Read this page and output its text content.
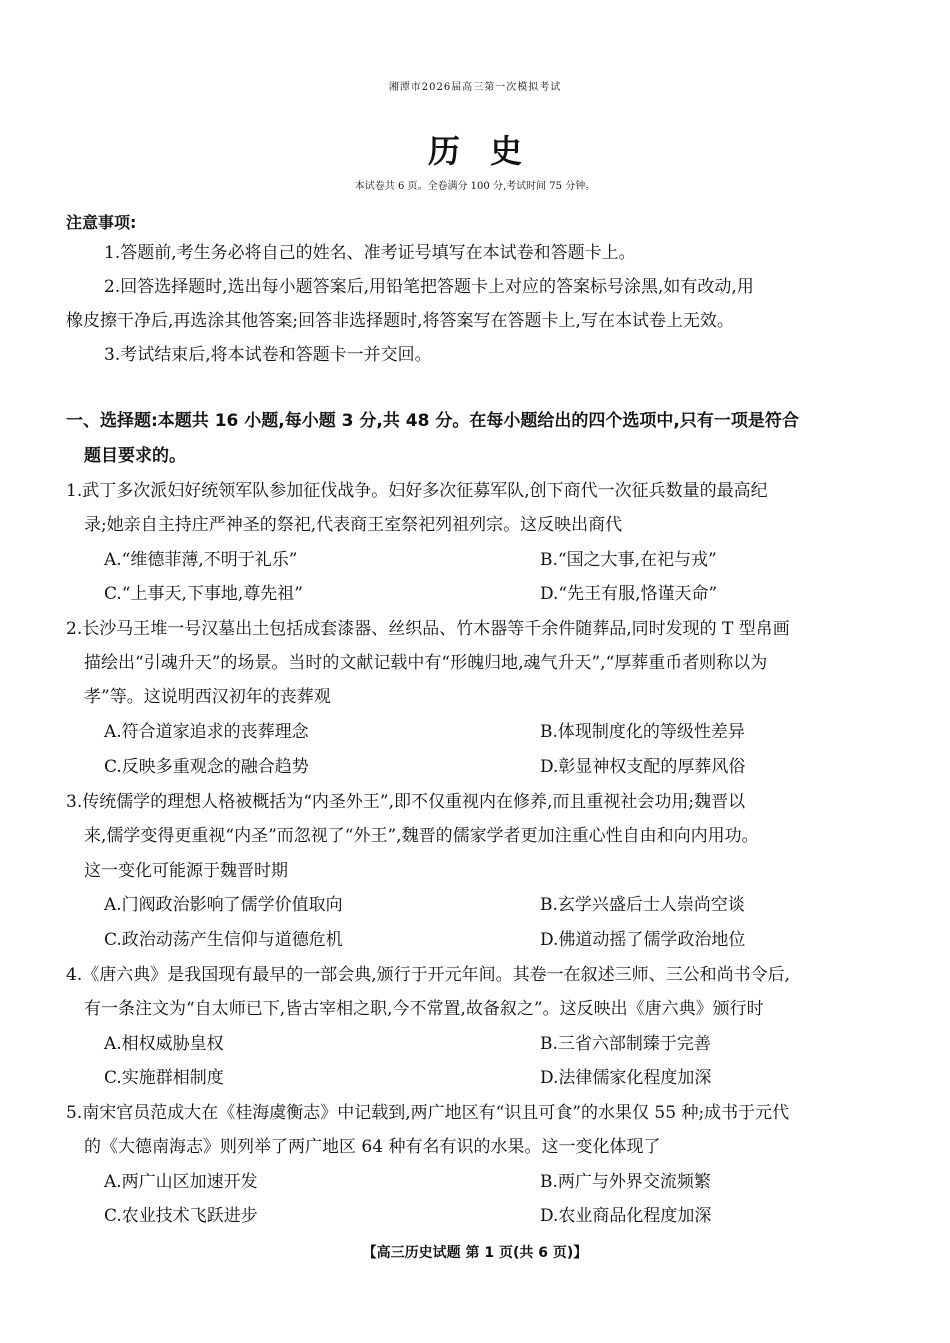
湘潭市2026届高三第一次模拟考试
历史
本试卷共 6 页。全卷满分 100 分,考试时间 75 分钟。
注意事项:
1.答题前,考生务必将自己的姓名、准考证号填写在本试卷和答题卡上。
2.回答选择题时,选出每小题答案后,用铅笔把答题卡上对应的答案标号涂黑,如有改动,用
橡皮擦干净后,再选涂其他答案;回答非选择题时,将答案写在答题卡上,写在本试卷上无效。
3.考试结束后,将本试卷和答题卡一并交回。
一、选择题:本题共 16 小题,每小题 3 分,共 48 分。在每小题给出的四个选项中,只有一项是符合
题目要求的。
1.武丁多次派妇好统领军队参加征伐战争。妇好多次征募军队,创下商代一次征兵数量的最高纪
录;她亲自主持庄严神圣的祭祀,代表商王室祭祀列祖列宗。这反映出商代
A.“维德菲薄,不明于礼乐”	B.“国之大事,在祀与戎”
C.“上事天,下事地,尊先祖”	D.“先王有服,恪谨天命”
2.长沙马王堆一号汉墓出土包括成套漆器、丝织品、竹木器等千余件随葬品,同时发现的 T 型帛画
描绘出“引魂升天”的场景。当时的文献记载中有“形魄归地,魂气升天”,“厚葬重币者则称以为
孝”等。这说明西汉初年的丧葬观
A.符合道家追求的丧葬理念	B.体现制度化的等级性差异
C.反映多重观念的融合趋势	D.彰显神权支配的厚葬风俗
3.传统儒学的理想人格被概括为“内圣外王”,即不仅重视内在修养,而且重视社会功用;魏晋以
来,儒学变得更重视“内圣”而忽视了“外王”,魏晋的儒家学者更加注重心性自由和向内用功。
这一变化可能源于魏晋时期
A.门阀政治影响了儒学价值取向	B.玄学兴盛后士人崇尚空谈
C.政治动荡产生信仰与道德危机	D.佛道动摇了儒学政治地位
4.《唐六典》是我国现有最早的一部会典,颁行于开元年间。其卷一在叙述三师、三公和尚书令后,
有一条注文为“自太师已下,皆古宰相之职,今不常置,故备叙之”。这反映出《唐六典》颁行时
A.相权威胁皇权	B.三省六部制臻于完善
C.实施群相制度	D.法律儒家化程度加深
5.南宋官员范成大在《桂海虞衡志》中记载到,两广地区有“识且可食”的水果仅 55 种;成书于元代
的《大德南海志》则列举了两广地区 64 种有名有识的水果。这一变化体现了
A.两广山区加速开发	B.两广与外界交流频繁
C.农业技术飞跃进步	D.农业商品化程度加深
【高三历史试题 第 1 页(共 6 页)】
